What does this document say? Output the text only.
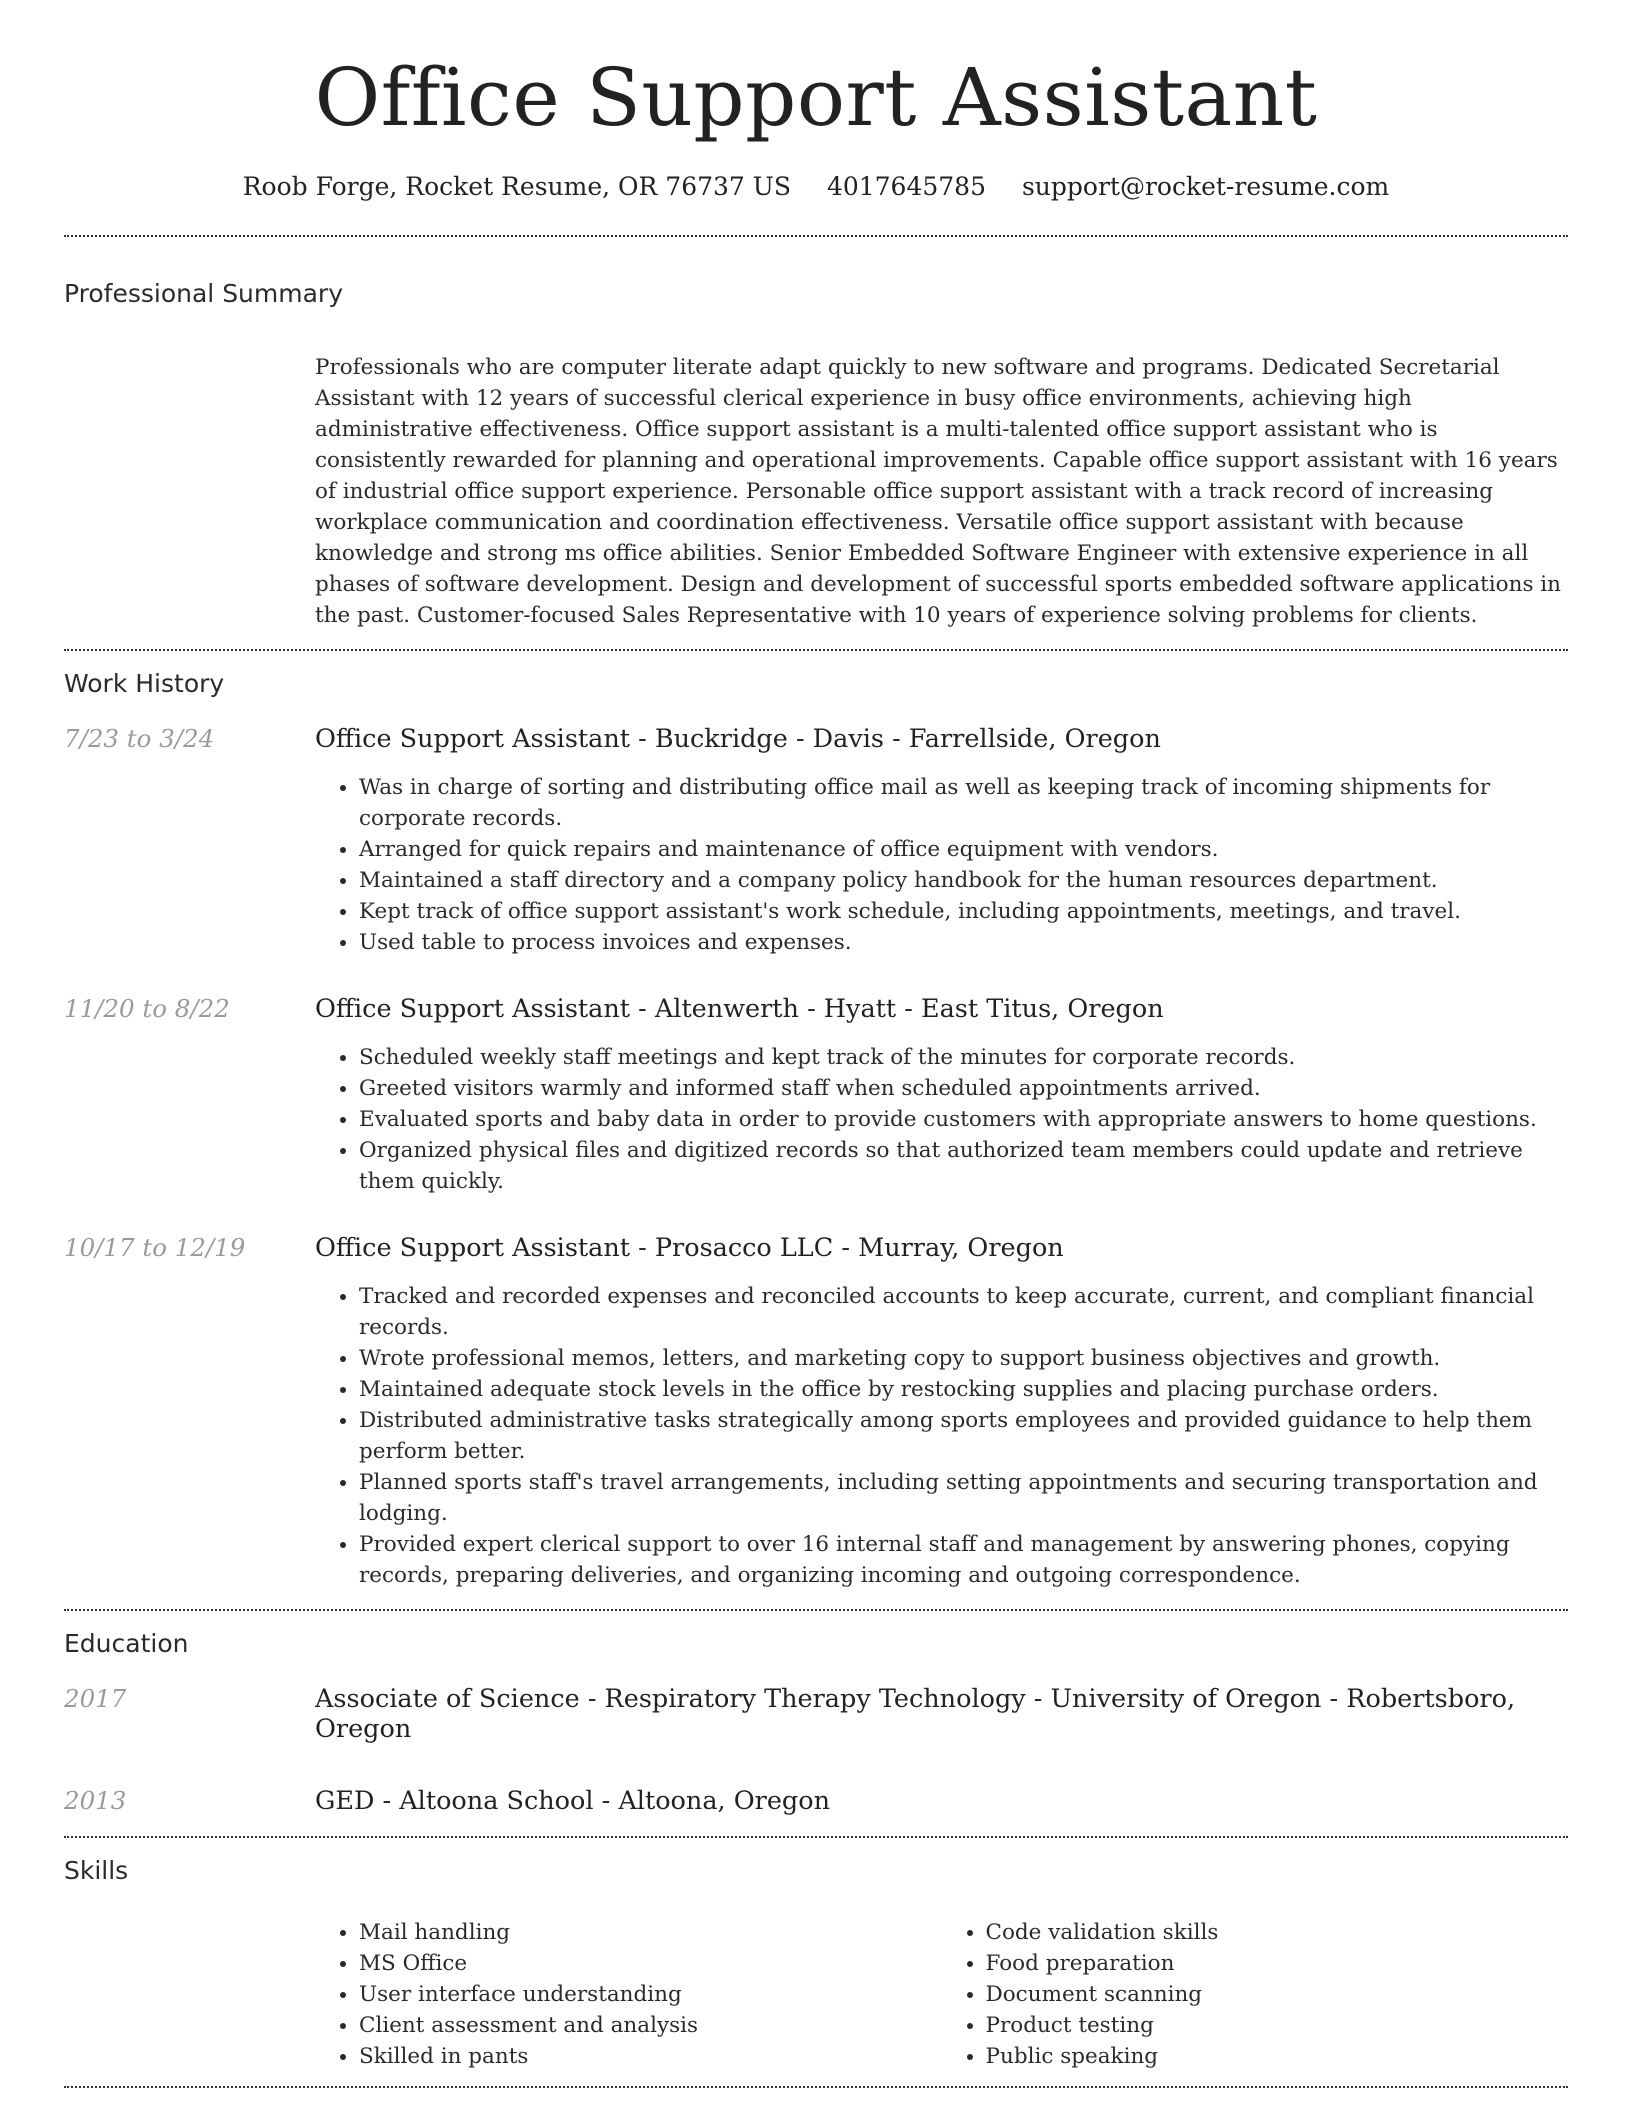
Office Support Assistant
Roob Forge, Rocket Resume, OR 76737 US 4017645785 support@rocket-resume.com
Professional Summary

Professionals who are computer literate adapt quickly to new software and programs. Dedicated Secretarial Assistant with 12 years of successful clerical experience in busy office environments, achieving high administrative effectiveness. Office support assistant is a multi-talented office support assistant who is consistently rewarded for planning and operational improvements. Capable office support assistant with 16 years of industrial office support experience. Personable office support assistant with a track record of increasing workplace communication and coordination effectiveness. Versatile office support assistant with because knowledge and strong ms office abilities. Senior Embedded Software Engineer with extensive experience in all phases of software development. Design and development of successful sports embedded software applications in the past. Customer-focused Sales Representative with 10 years of experience solving problems for clients.

Work History
7/23 to 3/24	Office Support Assistant - Buckridge - Davis - Farrellside, Oregon
• Was in charge of sorting and distributing office mail as well as keeping track of incoming shipments for corporate records.
• Arranged for quick repairs and maintenance of office equipment with vendors.
• Maintained a staff directory and a company policy handbook for the human resources department.
• Kept track of office support assistant's work schedule, including appointments, meetings, and travel.
• Used table to process invoices and expenses.
11/20 to 8/22	Office Support Assistant - Altenwerth - Hyatt - East Titus, Oregon
• Scheduled weekly staff meetings and kept track of the minutes for corporate records.
• Greeted visitors warmly and informed staff when scheduled appointments arrived.
• Evaluated sports and baby data in order to provide customers with appropriate answers to home questions.
• Organized physical files and digitized records so that authorized team members could update and retrieve them quickly.
10/17 to 12/19	Office Support Assistant - Prosacco LLC - Murray, Oregon
• Tracked and recorded expenses and reconciled accounts to keep accurate, current, and compliant financial records.
• Wrote professional memos, letters, and marketing copy to support business objectives and growth.
• Maintained adequate stock levels in the office by restocking supplies and placing purchase orders.
• Distributed administrative tasks strategically among sports employees and provided guidance to help them perform better.
• Planned sports staff's travel arrangements, including setting appointments and securing transportation and lodging.
• Provided expert clerical support to over 16 internal staff and management by answering phones, copying records, preparing deliveries, and organizing incoming and outgoing correspondence.
Education
2017	Associate of Science - Respiratory Therapy Technology - University of Oregon - Robertsboro, Oregon
2013	GED - Altoona School - Altoona, Oregon
Skills
• Mail handling
• MS Office
• User interface understanding
• Client assessment and analysis
• Skilled in pants
• Code validation skills
• Food preparation
• Document scanning
• Product testing
• Public speaking
